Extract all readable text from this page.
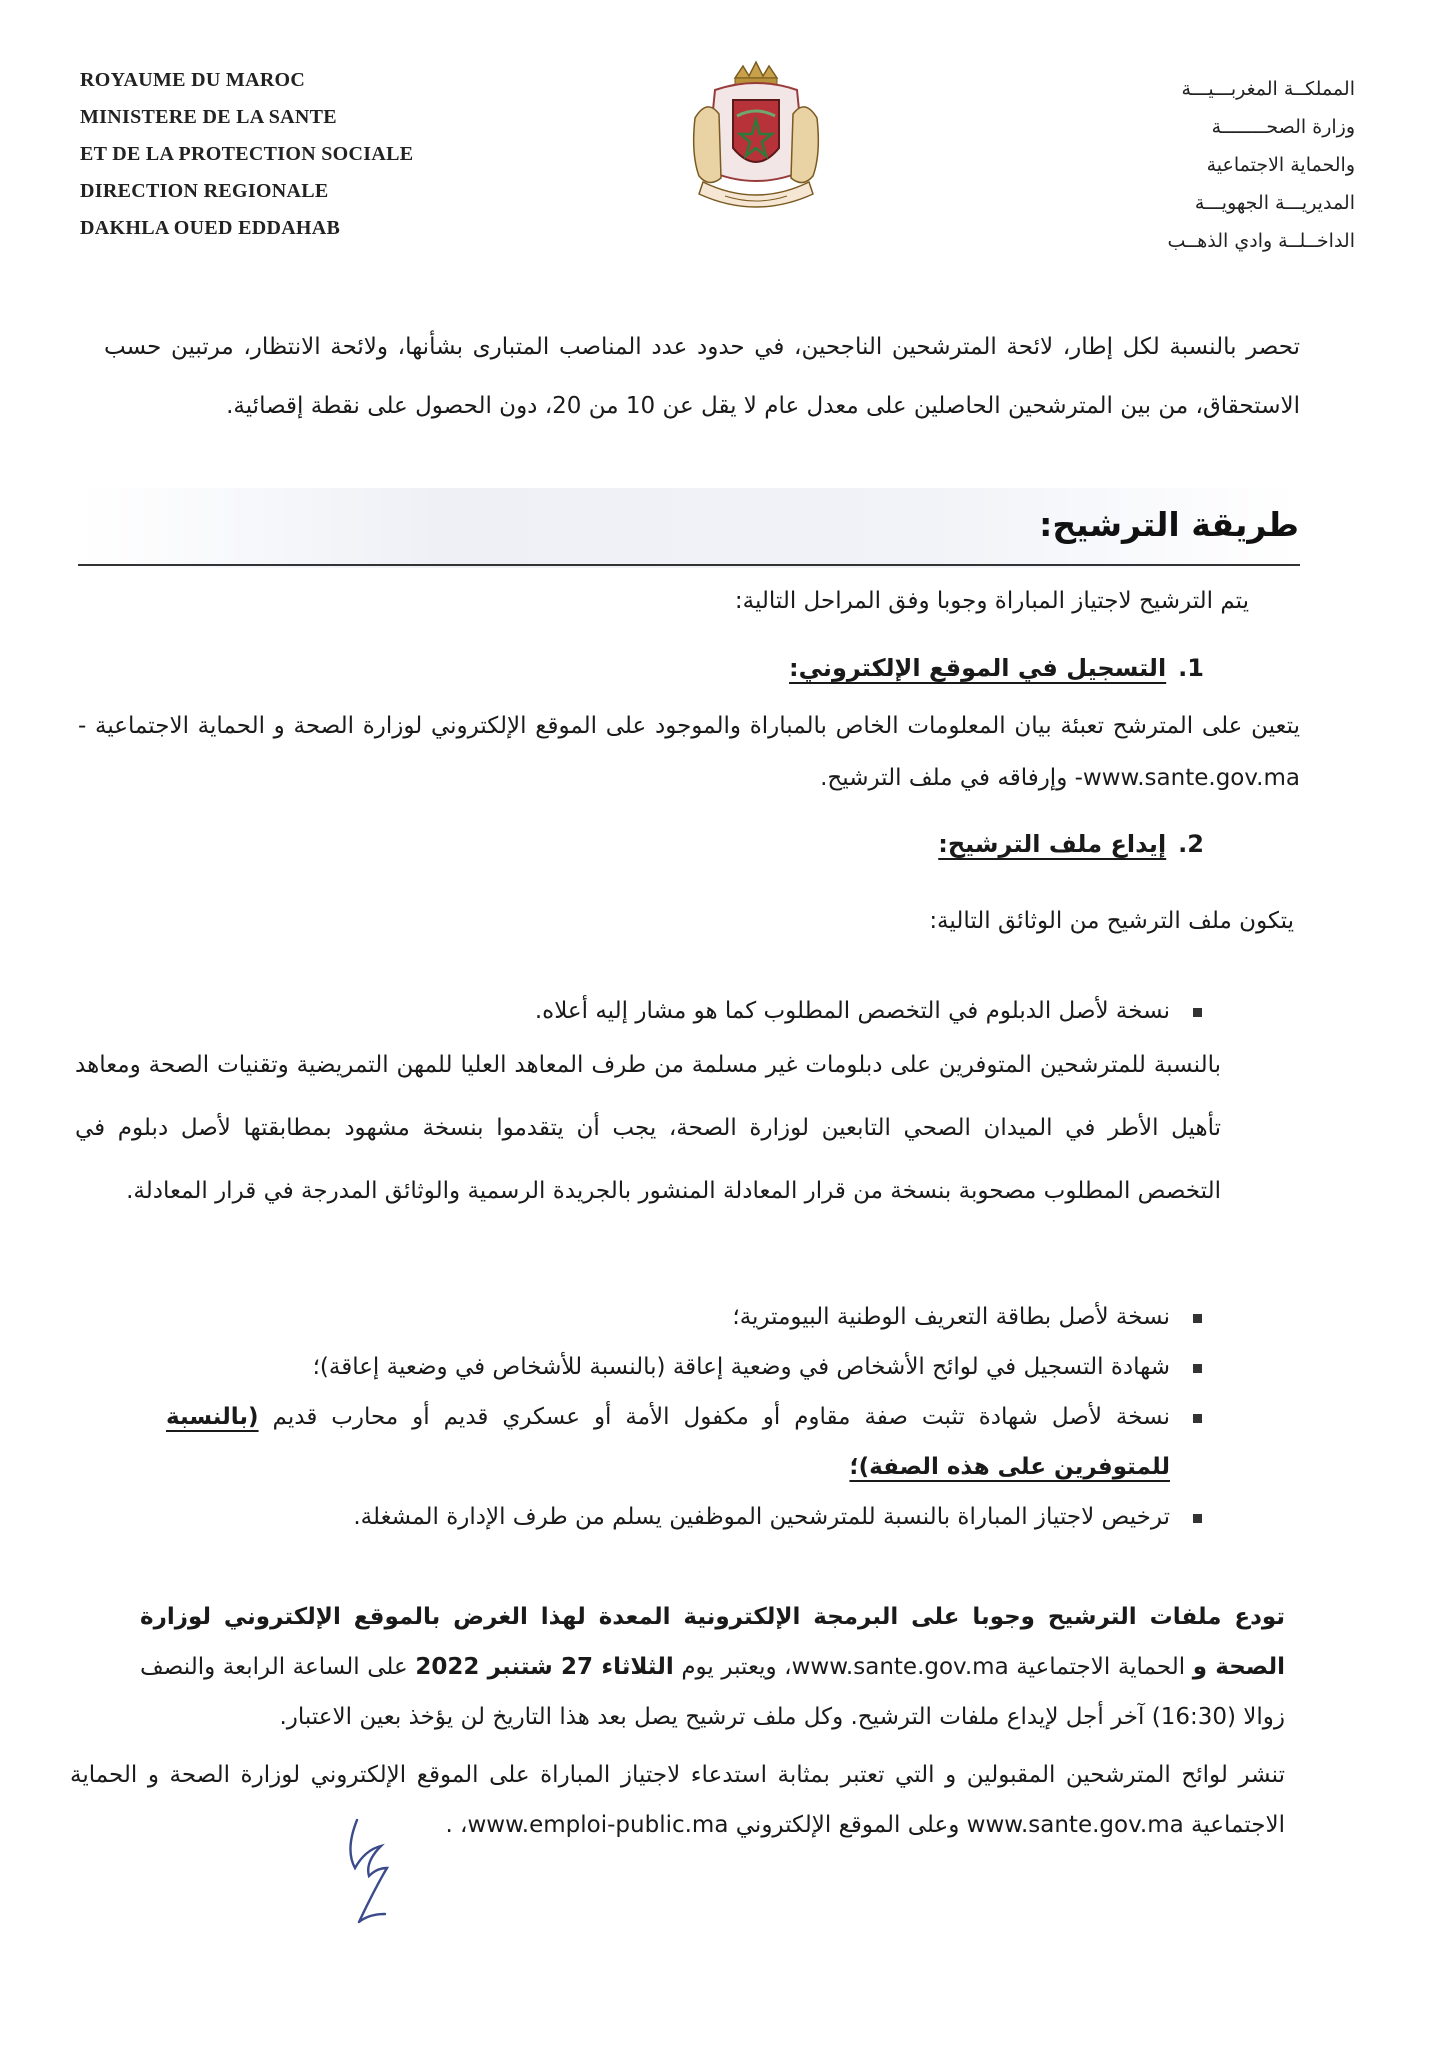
ROYAUME DU MAROC
MINISTERE DE LA SANTE
ET DE LA PROTECTION SOCIALE
DIRECTION REGIONALE
DAKHLA OUED EDDAHAB
المملكــة المغربـــيـــة
وزارة الصحــــــــة
والحماية الاجتماعية
المديريـــة الجهويـــة
الداخــلــة وادي الذهــب
تحصر بالنسبة لكل إطار، لائحة المترشحين الناجحين، في حدود عدد المناصب المتبارى بشأنها، ولائحة الانتظار، مرتبين حسب الاستحقاق، من بين المترشحين الحاصلين على معدل عام لا يقل عن 10 من 20، دون الحصول على نقطة إقصائية.
طريقة الترشيح:
يتم الترشيح لاجتياز المباراة وجوبا وفق المراحل التالية:
1.التسجيل في الموقع الإلكتروني:
يتعين على المترشح تعبئة بيان المعلومات الخاص بالمباراة والموجود على الموقع الإلكتروني لوزارة الصحة و الحماية الاجتماعية -www.sante.gov.ma- وإرفاقه في ملف الترشيح.
2.إيداع ملف الترشيح:
يتكون ملف الترشيح من الوثائق التالية:
نسخة لأصل الدبلوم في التخصص المطلوب كما هو مشار إليه أعلاه.
بالنسبة للمترشحين المتوفرين على دبلومات غير مسلمة من طرف المعاهد العليا للمهن التمريضية وتقنيات الصحة ومعاهد تأهيل الأطر في الميدان الصحي التابعين لوزارة الصحة، يجب أن يتقدموا بنسخة مشهود بمطابقتها لأصل دبلوم في التخصص المطلوب مصحوبة بنسخة من قرار المعادلة المنشور بالجريدة الرسمية والوثائق المدرجة في قرار المعادلة.
نسخة لأصل بطاقة التعريف الوطنية البيومترية؛
شهادة التسجيل في لوائح الأشخاص في وضعية إعاقة (بالنسبة للأشخاص في وضعية إعاقة)؛
نسخة لأصل شهادة تثبت صفة مقاوم أو مكفول الأمة أو عسكري قديم أو محارب قديم (بالنسبة للمتوفرين على هذه الصفة)؛
ترخيص لاجتياز المباراة بالنسبة للمترشحين الموظفين يسلم من طرف الإدارة المشغلة.
تودع ملفات الترشيح وجوبا على البرمجة الإلكترونية المعدة لهذا الغرض بالموقع الإلكتروني لوزارة الصحة و الحماية الاجتماعية www.sante.gov.ma، ويعتبر يوم الثلاثاء 27 شتنبر 2022 على الساعة الرابعة والنصف زوالا (16:30) آخر أجل لإيداع ملفات الترشيح. وكل ملف ترشيح يصل بعد هذا التاريخ لن يؤخذ بعين الاعتبار.
تنشر لوائح المترشحين المقبولين و التي تعتبر بمثابة استدعاء لاجتياز المباراة على الموقع الإلكتروني لوزارة الصحة و الحماية الاجتماعية www.sante.gov.ma وعلى الموقع الإلكتروني www.emploi-public.ma، .
